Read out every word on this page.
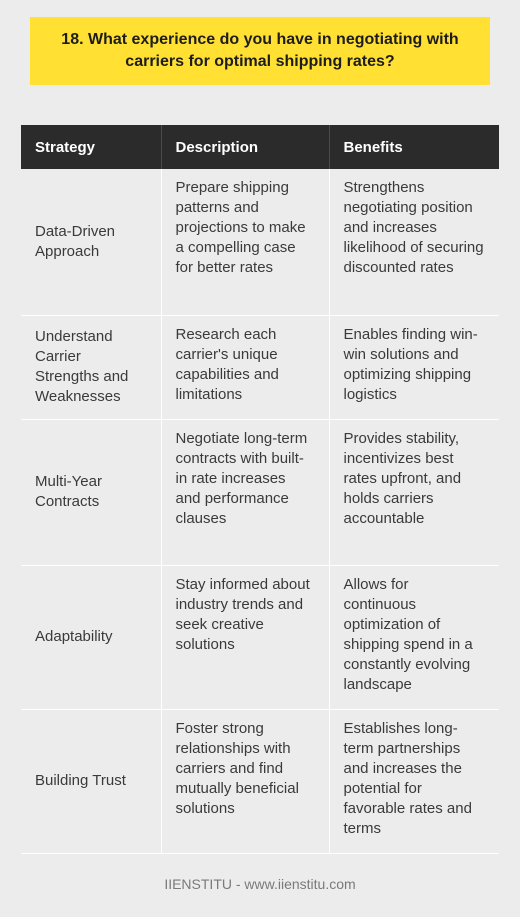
18. What experience do you have in negotiating with carriers for optimal shipping rates?
Strategy	Description	Benefits
Data-Driven Approach	Prepare shipping patterns and projections to make a compelling case for better rates	Strengthens negotiating position and increases likelihood of securing discounted rates
Understand Carrier Strengths and Weaknesses	Research each carrier's unique capabilities and limitations	Enables finding win-win solutions and optimizing shipping logistics
Multi-Year Contracts	Negotiate long-term contracts with built-in rate increases and performance clauses	Provides stability, incentivizes best rates upfront, and holds carriers accountable
Adaptability	Stay informed about industry trends and seek creative solutions	Allows for continuous optimization of shipping spend in a constantly evolving landscape
Building Trust	Foster strong relationships with carriers and find mutually beneficial solutions	Establishes long-term partnerships and increases the potential for favorable rates and terms
IIENSTITU - www.iienstitu.com
